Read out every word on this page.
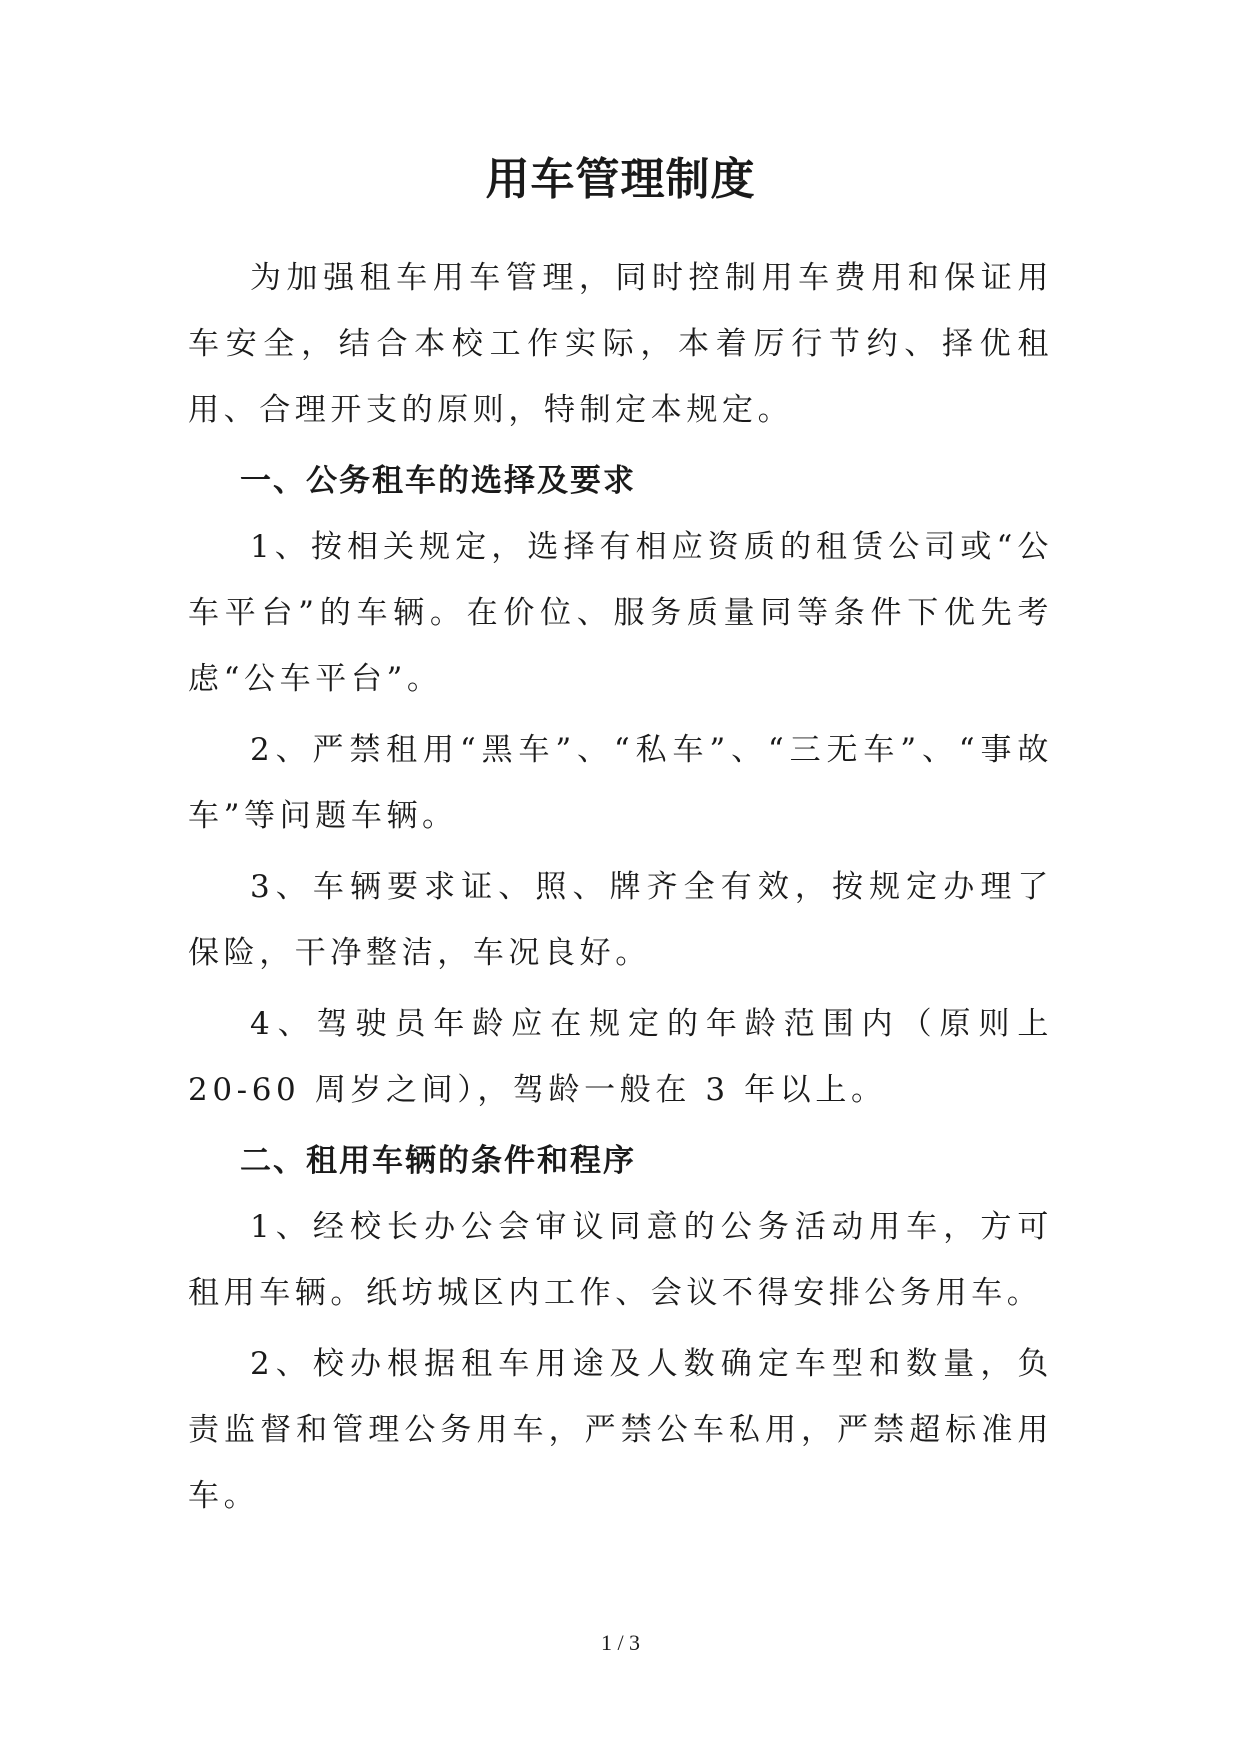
用车管理制度

为加强租车用车管理，同时控制用车费用和保证用车安全，结合本校工作实际，本着厉行节约、择优租用、合理开支的原则，特制定本规定。

一、公务租车的选择及要求

1、按相关规定，选择有相应资质的租赁公司或“公车平台”的车辆。在价位、服务质量同等条件下优先考虑“公车平台”。

2、严禁租用“黑车”、“私车”、“三无车”、“事故车”等问题车辆。

3、车辆要求证、照、牌齐全有效，按规定办理了保险，干净整洁，车况良好。

4、驾驶员年龄应在规定的年龄范围内（原则上 20-60 周岁之间），驾龄一般在 3 年以上。

二、租用车辆的条件和程序

1、经校长办公会审议同意的公务活动用车，方可租用车辆。纸坊城区内工作、会议不得安排公务用车。

2、校办根据租车用途及人数确定车型和数量，负责监督和管理公务用车，严禁公车私用，严禁超标准用车。

1 / 3
